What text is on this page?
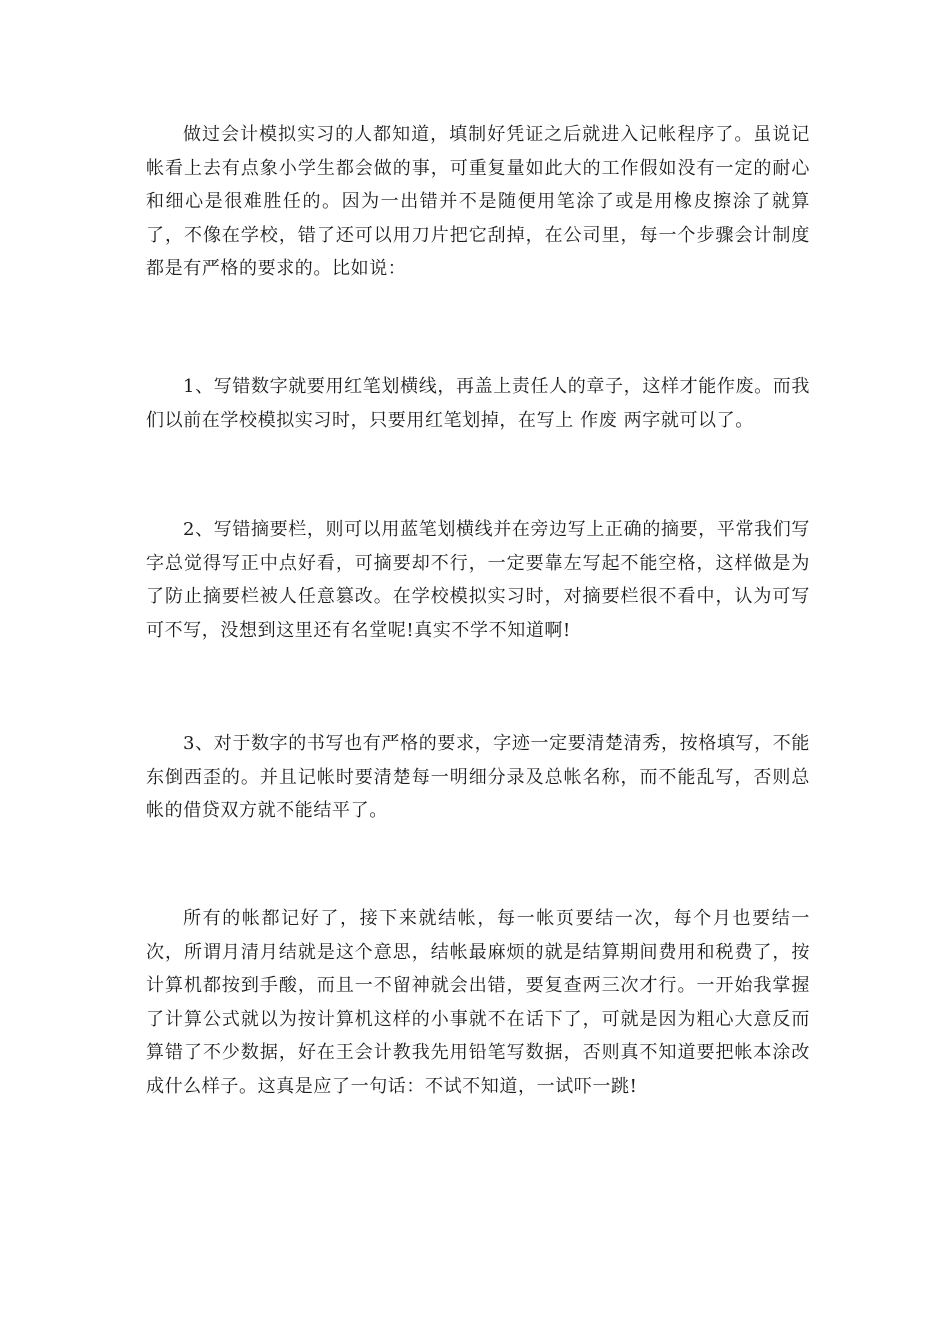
做过会计模拟实习的人都知道，填制好凭证之后就进入记帐程序了。虽说记帐看上去有点象小学生都会做的事，可重复量如此大的工作假如没有一定的耐心和细心是很难胜任的。因为一出错并不是随便用笔涂了或是用橡皮擦涂了就算了，不像在学校，错了还可以用刀片把它刮掉，在公司里，每一个步骤会计制度都是有严格的要求的。比如说：

1、写错数字就要用红笔划横线，再盖上责任人的章子，这样才能作废。而我们以前在学校模拟实习时，只要用红笔划掉，在写上 作废 两字就可以了。

2、写错摘要栏，则可以用蓝笔划横线并在旁边写上正确的摘要，平常我们写字总觉得写正中点好看，可摘要却不行，一定要靠左写起不能空格，这样做是为了防止摘要栏被人任意篡改。在学校模拟实习时，对摘要栏很不看中，认为可写可不写，没想到这里还有名堂呢!真实不学不知道啊!

3、对于数字的书写也有严格的要求，字迹一定要清楚清秀，按格填写，不能东倒西歪的。并且记帐时要清楚每一明细分录及总帐名称，而不能乱写，否则总帐的借贷双方就不能结平了。

所有的帐都记好了，接下来就结帐，每一帐页要结一次，每个月也要结一次，所谓月清月结就是这个意思，结帐最麻烦的就是结算期间费用和税费了，按计算机都按到手酸，而且一不留神就会出错，要复查两三次才行。一开始我掌握了计算公式就以为按计算机这样的小事就不在话下了，可就是因为粗心大意反而算错了不少数据，好在王会计教我先用铅笔写数据，否则真不知道要把帐本涂改成什么样子。这真是应了一句话：不试不知道，一试吓一跳!
